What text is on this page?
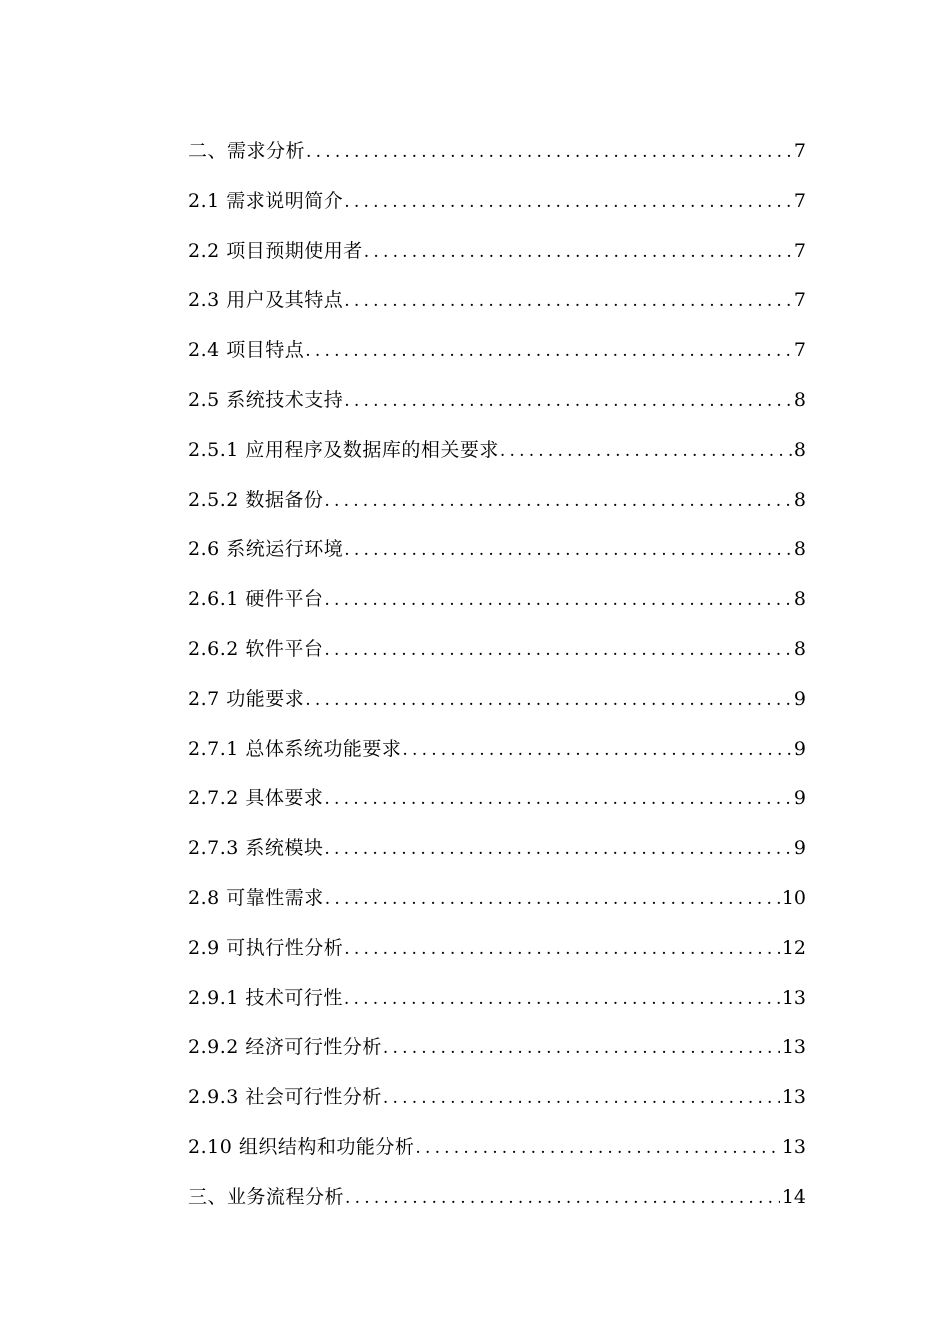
二、需求分析 .....	7
2.1 需求说明简介 .....	7
2.2 项目预期使用者 .....	7
2.3 用户及其特点 .....	7
2.4 项目特点 .....	7
2.5 系统技术支持 .....	8
2.5.1 应用程序及数据库的相关要求 .....	8
2.5.2 数据备份 .....	8
2.6 系统运行环境 .....	8
2.6.1 硬件平台 .....	8
2.6.2 软件平台 .....	8
2.7 功能要求 .....	9
2.7.1 总体系统功能要求 .....	9
2.7.2 具体要求 .....	9
2.7.3 系统模块 .....	9
2.8 可靠性需求 .....	10
2.9 可执行性分析 .....	12
2.9.1 技术可行性 .....	13
2.9.2 经济可行性分析 .....	13
2.9.3 社会可行性分析 .....	13
2.10 组织结构和功能分析 .....	13
三、业务流程分析 .....	14
